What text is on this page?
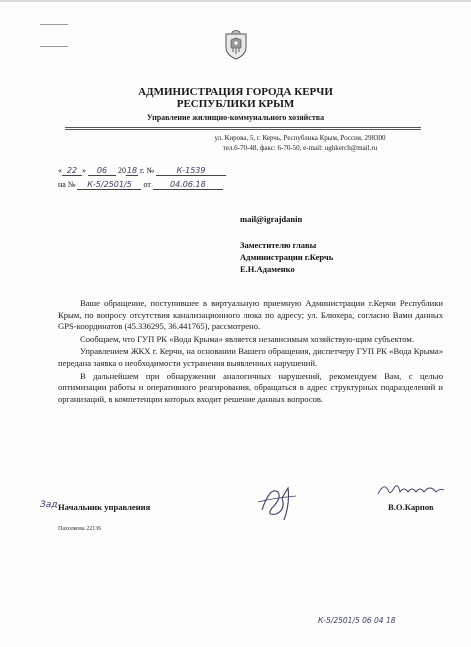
АДМИНИСТРАЦИЯ ГОРОДА КЕРЧИ
РЕСПУБЛИКИ КРЫМ
Управление жилищно-коммунального хозяйства
ул. Кирова, 5, г. Керчь, Республика Крым, Россия, 298300
тел.6-70-48, факс: 6-70-50, e-mail: ughkerch@mail.ru
« 22 » 06 2018 г. №	К-1539
на № К-5/2501/5 от 04.06.18
mail@igrajdanin
Заместителю главы
Администрации г.Керчь
Е.Н.Адаменко

Ваше обращение, поступившее в виртуальную приемную Администрации г.Керчи Республики Крым, по вопросу отсутствия канализационного люка по адресу; ул. Блюхера, согласно Вами данных GPS-координатов (45.336295, 36.441765), рассмотрено.

Сообщаем, что ГУП РК «Вода Крыма» является независимым хозяйствую-щим субъектом.

Управлением ЖКХ г. Керчи, на основании Вашего обращения, диспетчеру ГУП РК «Вода Крыма» передана заявка о необходимости устранения выявленных нарушений.

В дальнейшем при обнаружении аналогичных нарушений, рекомендуем Вам, с целью оптимизации работы и оперативного реагирования, обращаться в адрес структурных подразделений и организаций, в компетенции которых входит решение данных вопросов.

Зад Начальник управления	В.О.Карпов
Пахолкова 22136
К-5/2501/5 06 04 18
